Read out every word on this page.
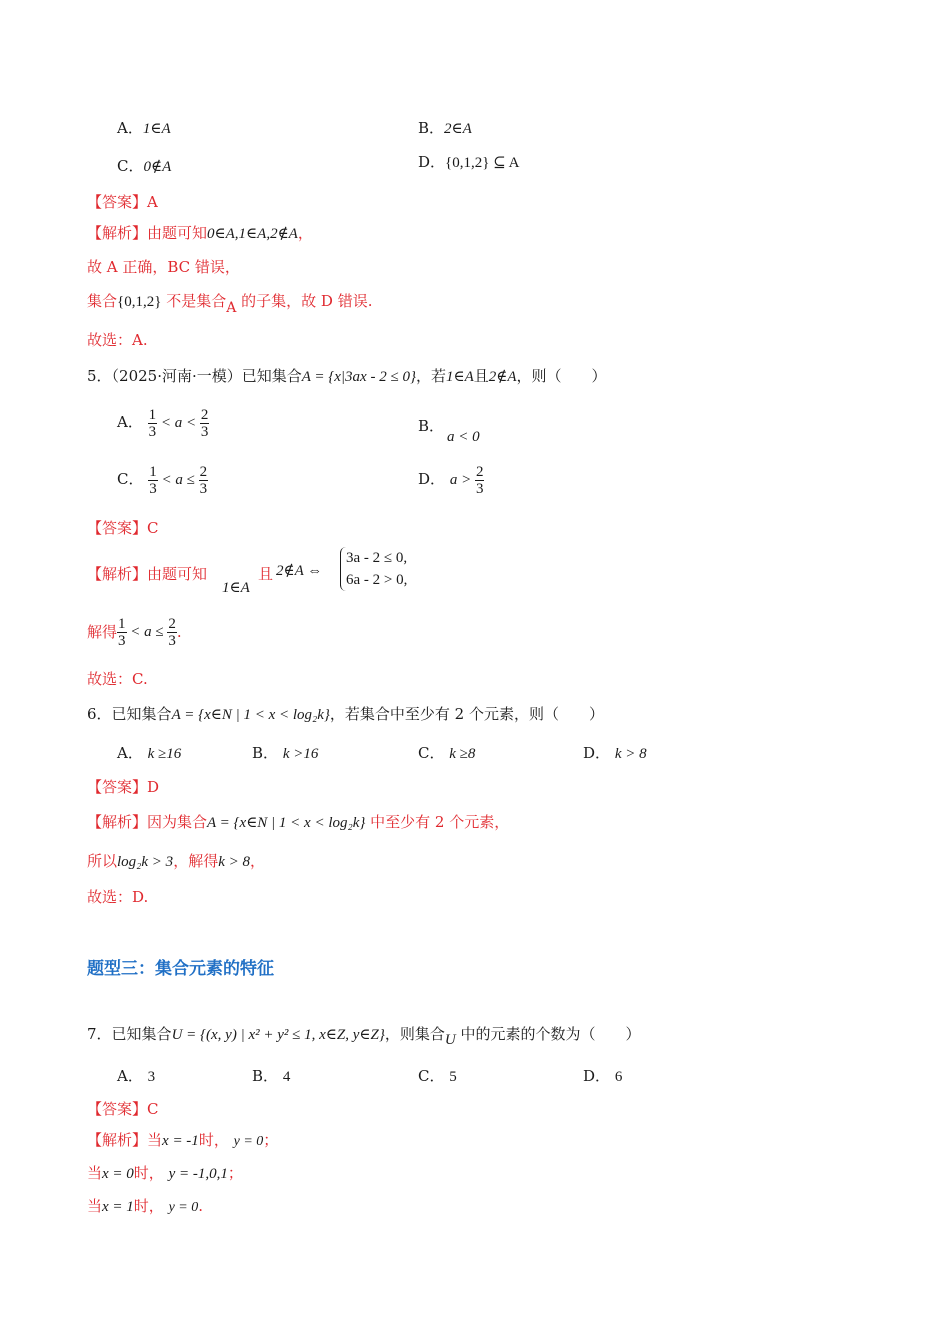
A．1∈A	B．2∈A
C．0∉A	D．{0,1,2} ⊆ A
【答案】A
【解析】由题可知0∈A,1∈A,2∉A，
故 A 正确，BC 错误，
集合{0,1,2} 不是集合A 的子集，故 D 错误.
故选：A.
5．（2025·河南·一模）已知集合A = {x|3ax - 2 ≤ 0}，若1∈A且2∉A，则（　　）
A． $\frac{1}{3} < a < \frac{2}{3}$	B．
a < 0
C． $\frac{1}{3} < a \le \frac{2}{3}$	D． $a > \frac{2}{3}$
【答案】C
【解析】由题可知
1∈A
且 2∉A ⇔
3a - 2 ≤ 0,
6a - 2 > 0,
解得 $\frac{1}{3} < a \le \frac{2}{3}$ .
故选：C.
6．已知集合A = {x∈N | 1 < x < log₂k}，若集合中至少有 2 个元素，则（　　）
A． k ≥16	B． k >16	C． k ≥8	D． k > 8
【答案】D
【解析】因为集合A = {x∈N | 1 < x < log₂k} 中至少有 2 个元素，
所以log₂k > 3，解得k > 8，
故选：D.
题型三：集合元素的特征
7．已知集合U = {(x, y) | x² + y² ≤ 1, x∈Z, y∈Z}，则集合U 中的元素的个数为（　　）
A． 3	B． 4	C． 5	D． 6
【答案】C
【解析】当x = -1时， y = 0；
当x = 0时， y = -1,0,1；
当x = 1时， y = 0.
